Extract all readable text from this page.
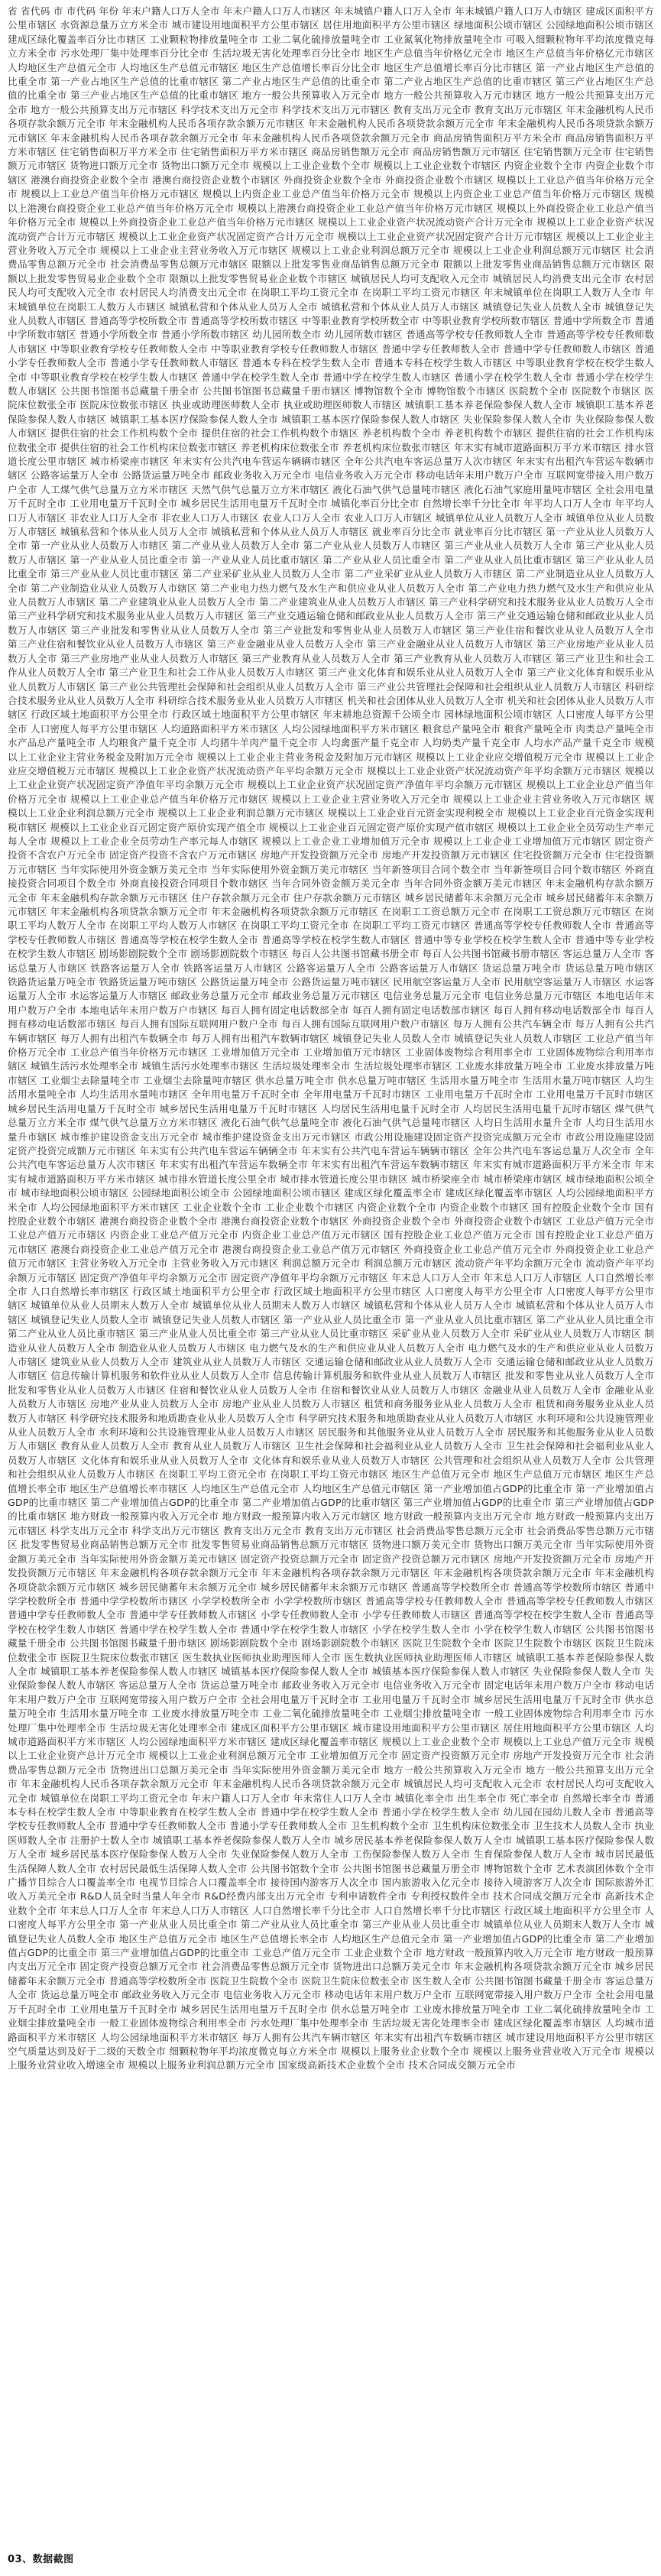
省 省代码 市 市代码 年份 年末户籍人口万人全市 年末户籍人口万人市辖区 年末城镇户籍人口万人全市 年末城镇户籍人口万人市辖区 建成区面积平方公里市辖区 水资源总量万立方米全市 城市建设用地面积平方公里市辖区 居住用地面积平方公里市辖区 绿地面积公顷市辖区 公园绿地面积公顷市辖区 建成区绿化覆盖率百分比市辖区 工业颗粒物排放量吨全市 工业二氧化硫排放量吨全市 工业氮氧化物排放量吨全市 可吸入细颗粒物年平均浓度微克每立方米全市 污水处理厂集中处理率百分比全市 生活垃圾无害化处理率百分比全市 地区生产总值当年价格亿元全市 地区生产总值当年价格亿元市辖区 人均地区生产总值元全市 人均地区生产总值元市辖区 地区生产总值增长率百分比全市 地区生产总值增长率百分比市辖区 第一产业占地区生产总值的比重全市 第一产业占地区生产总值的比重市辖区 第二产业占地区生产总值的比重全市 第二产业占地区生产总值的比重市辖区 第三产业占地区生产总值的比重全市 第三产业占地区生产总值的比重市辖区 地方一般公共预算收入万元全市 地方一般公共预算收入万元市辖区 地方一般公共预算支出万元全市 地方一般公共预算支出万元市辖区 科学技术支出万元全市 科学技术支出万元市辖区 教育支出万元全市 教育支出万元市辖区 年末金融机构人民币各项存款余额万元全市 年末金融机构人民币各项存款余额万元市辖区 年末金融机构人民币各项贷款余额万元全市 年末金融机构人民币各项贷款余额万元市辖区 年末金融机构人民币各项存款余额万元全市 年末金融机构人民币各项贷款余额万元全市 商品房销售面积万平方米全市 商品房销售面积万平方米市辖区 住宅销售面积万平方米全市 住宅销售面积万平方米市辖区 商品房销售额万元全市 商品房销售额万元市辖区 住宅销售额万元全市 住宅销售额万元市辖区 货物进口额万元全市 货物出口额万元全市 规模以上工业企业数个全市 规模以上工业企业数个市辖区 内资企业数个全市 内资企业数个市辖区 港澳台商投资企业数个全市 港澳台商投资企业数个市辖区 外商投资企业数个全市 外商投资企业数个市辖区 规模以上工业总产值当年价格万元全市 规模以上工业总产值当年价格万元市辖区 规模以上内资企业工业总产值当年价格万元全市 规模以上内资企业工业总产值当年价格万元市辖区 规模以上港澳台商投资企业工业总产值当年价格万元全市 规模以上港澳台商投资企业工业总产值当年价格万元市辖区 规模以上外商投资企业工业总产值当年价格万元全市 规模以上外商投资企业工业总产值当年价格万元市辖区 规模以上工业企业资产状况流动资产合计万元全市 规模以上工业企业资产状况流动资产合计万元市辖区 规模以上工业企业资产状况固定资产合计万元全市 规模以上工业企业资产状况固定资产合计万元市辖区 规模以上工业企业主营业务收入万元全市 规模以上工业企业主营业务收入万元市辖区 规模以上工业企业利润总额万元全市 规模以上工业企业利润总额万元市辖区 社会消费品零售总额万元全市 社会消费品零售总额万元市辖区 限额以上批发零售业商品销售总额万元全市 限额以上批发零售业商品销售总额万元市辖区 限额以上批发零售贸易业企业数个全市 限额以上批发零售贸易业企业数个市辖区 城镇居民人均可支配收入元全市 城镇居民人均消费支出元全市 农村居民人均可支配收入元全市 农村居民人均消费支出元全市 在岗职工平均工资元全市 在岗职工平均工资元市辖区 年末城镇单位在岗职工人数万人全市 年末城镇单位在岗职工人数万人市辖区 城镇私营和个体从业人员万人全市 城镇私营和个体从业人员万人市辖区 城镇登记失业人员数人全市 城镇登记失业人员数人市辖区 普通高等学校所数全市 普通高等学校所数市辖区 中等职业教育学校所数全市 中等职业教育学校所数市辖区 普通中学所数全市 普通中学所数市辖区 普通小学所数全市 普通小学所数市辖区 幼儿园所数全市 幼儿园所数市辖区 普通高等学校专任教师数人全市 普通高等学校专任教师数人市辖区 中等职业教育学校专任教师数人全市 中等职业教育学校专任教师数人市辖区 普通中学专任教师数人全市 普通中学专任教师数人市辖区 普通小学专任教师数人全市 普通小学专任教师数人市辖区 普通本专科在校学生数人全市 普通本专科在校学生数人市辖区 中等职业教育学校在校学生数人全市 中等职业教育学校在校学生数人市辖区 普通中学在校学生数人全市 普通中学在校学生数人市辖区 普通小学在校学生数人全市 普通小学在校学生数人市辖区 公共图书馆图书总藏量千册全市 公共图书馆图书总藏量千册市辖区 博物馆数个全市 博物馆数个市辖区 医院数个全市 医院数个市辖区 医院床位数张全市 医院床位数张市辖区 执业或助理医师数人全市 执业或助理医师数人市辖区 城镇职工基本养老保险参保人数人全市 城镇职工基本养老保险参保人数人市辖区 城镇职工基本医疗保险参保人数人全市 城镇职工基本医疗保险参保人数人市辖区 失业保险参保人数人全市 失业保险参保人数人市辖区 提供住宿的社会工作机构数个全市 提供住宿的社会工作机构数个市辖区 养老机构数个全市 养老机构数个市辖区 提供住宿的社会工作机构床位数张全市 提供住宿的社会工作机构床位数张市辖区 养老机构床位数张全市 养老机构床位数张市辖区 年末实有城市道路面积万平方米市辖区 排水管道长度公里市辖区 城市桥梁座市辖区 年末实有公共汽电车营运车辆辆市辖区 全年公共汽电车客运总量万人次市辖区 年末实有出租汽车营运车数辆市辖区 公路客运量万人全市 公路货运量万吨全市 邮政业务收入万元全市 电信业务收入万元全市 移动电话年末用户数万户全市 互联网宽带接入用户数万户全市 人工煤气供气总量万立方米市辖区 天然气供气总量万立方米市辖区 液化石油气供气总量吨市辖区 液化石油气家庭用量吨市辖区 全社会用电量万千瓦时全市 工业用电量万千瓦时全市 城乡居民生活用电量万千瓦时全市 城镇化率百分比全市 自然增长率千分比全市 年平均人口万人全市 年平均人口万人市辖区 非农业人口万人全市 非农业人口万人市辖区 农业人口万人全市 农业人口万人市辖区 城镇单位从业人员数万人全市 城镇单位从业人员数万人市辖区 城镇私营和个体从业人员万人全市 城镇私营和个体从业人员万人市辖区 就业率百分比全市 就业率百分比市辖区 第一产业从业人员数万人全市 第一产业从业人员数万人市辖区 第二产业从业人员数万人全市 第二产业从业人员数万人市辖区 第三产业从业人员数万人全市 第三产业从业人员数万人市辖区 第一产业从业人员比重全市 第一产业从业人员比重市辖区 第二产业从业人员比重全市 第二产业从业人员比重市辖区 第三产业从业人员比重全市 第三产业从业人员比重市辖区 第二产业采矿业从业人员数万人全市 第二产业采矿业从业人员数万人市辖区 第二产业制造业从业人员数万人全市 第二产业制造业从业人员数万人市辖区 第二产业电力热力燃气及水生产和供应业从业人员数万人全市 第二产业电力热力燃气及水生产和供应业从业人员数万人市辖区 第二产业建筑业从业人员数万人全市 第二产业建筑业从业人员数万人市辖区 第三产业科学研究和技术服务业从业人员数万人全市 第三产业科学研究和技术服务业从业人员数万人市辖区 第三产业交通运输仓储和邮政业从业人员数万人全市 第三产业交通运输仓储和邮政业从业人员数万人市辖区 第三产业批发和零售业从业人员数万人全市 第三产业批发和零售业从业人员数万人市辖区 第三产业住宿和餐饮业从业人员数万人全市 第三产业住宿和餐饮业从业人员数万人市辖区 第三产业金融业从业人员数万人全市 第三产业金融业从业人员数万人市辖区 第三产业房地产业从业人员数万人全市 第三产业房地产业从业人员数万人市辖区 第三产业教育从业人员数万人全市 第三产业教育从业人员数万人市辖区 第三产业卫生和社会工作从业人员数万人全市 第三产业卫生和社会工作从业人员数万人市辖区 第三产业文化体育和娱乐业从业人员数万人全市 第三产业文化体育和娱乐业从业人员数万人市辖区 第三产业公共管理社会保障和社会组织从业人员数万人全市 第三产业公共管理社会保障和社会组织从业人员数万人市辖区 科研综合技术服务业从业人员数万人全市 科研综合技术服务业从业人员数万人市辖区 机关和社会团体从业人员数万人全市 机关和社会团体从业人员数万人市辖区 行政区域土地面积平方公里全市 行政区域土地面积平方公里市辖区 年末耕地总资源千公顷全市 园林绿地面积公顷市辖区 人口密度人每平方公里全市 人口密度人每平方公里市辖区 人均道路面积平方米市辖区 人均公园绿地面积平方米市辖区 粮食总产量吨全市 粮食产量吨全市 肉类总产量吨全市 水产品总产量吨全市 人均粮食产量千克全市 人均猪牛羊肉产量千克全市 人均禽蛋产量千克全市 人均奶类产量千克全市 人均水产品产量千克全市 规模以上工业企业主营业务税金及附加万元全市 规模以上工业企业主营业务税金及附加万元市辖区 规模以上工业企业应交增值税万元全市 规模以上工业企业应交增值税万元市辖区 规模以上工业企业资产状况流动资产年平均余额万元全市 规模以上工业企业资产状况流动资产年平均余额万元市辖区 规模以上工业企业资产状况固定资产净值年平均余额万元全市 规模以上工业企业资产状况固定资产净值年平均余额万元市辖区 规模以上工业企业总产值当年价格万元全市 规模以上工业企业总产值当年价格万元市辖区 规模以上工业企业主营业务收入万元全市 规模以上工业企业主营业务收入万元市辖区 规模以上工业企业利润总额万元全市 规模以上工业企业利润总额万元市辖区 规模以上工业企业百元资金实现利税全市 规模以上工业企业百元资金实现利税市辖区 规模以上工业企业百元固定资产原价实现产值全市 规模以上工业企业百元固定资产原价实现产值市辖区 规模以上工业企业全员劳动生产率元每人全市 规模以上工业企业全员劳动生产率元每人市辖区 规模以上工业企业工业增加值万元全市 规模以上工业企业工业增加值万元市辖区 固定资产投资不含农户万元全市 固定资产投资不含农户万元市辖区 房地产开发投资额万元全市 房地产开发投资额万元市辖区 住宅投资额万元全市 住宅投资额万元市辖区 当年实际使用外资金额万美元全市 当年实际使用外资金额万美元市辖区 当年新签项目合同个数全市 当年新签项目合同个数市辖区 外商直接投资合同项目个数全市 外商直接投资合同项目个数市辖区 当年合同外资金额万美元全市 当年合同外资金额万美元市辖区 年末金融机构存款余额万元全市 年末金融机构存款余额万元市辖区 住户存款余额万元全市 住户存款余额万元市辖区 城乡居民储蓄年末余额万元全市 城乡居民储蓄年末余额万元市辖区 年末金融机构各项贷款余额万元全市 年末金融机构各项贷款余额万元市辖区 在岗职工工资总额万元全市 在岗职工工资总额万元市辖区 在岗职工平均人数万人全市 在岗职工平均人数万人市辖区 在岗职工平均工资元全市 在岗职工平均工资元市辖区 普通高等学校专任教师数人全市 普通高等学校专任教师数人市辖区 普通高等学校在校学生数人全市 普通高等学校在校学生数人市辖区 普通中等专业学校在校学生数人全市 普通中等专业学校在校学生数人市辖区 剧场影剧院数个全市 剧场影剧院数个市辖区 每百人公共图书馆藏书册全市 每百人公共图书馆藏书册市辖区 客运总量万人全市 客运总量万人市辖区 铁路客运量万人全市 铁路客运量万人市辖区 公路客运量万人全市 公路客运量万人市辖区 货运总量万吨全市 货运总量万吨市辖区 铁路货运量万吨全市 铁路货运量万吨市辖区 公路货运量万吨全市 公路货运量万吨市辖区 民用航空客运量万人全市 民用航空客运量万人市辖区 水运客运量万人全市 水运客运量万人市辖区 邮政业务总量万元全市 邮政业务总量万元市辖区 电信业务总量万元全市 电信业务总量万元市辖区 本地电话年末用户数万户全市 本地电话年末用户数万户市辖区 每百人拥有固定电话数部全市 每百人拥有固定电话数部市辖区 每百人拥有移动电话数部全市 每百人拥有移动电话数部市辖区 每百人拥有国际互联网用户数户全市 每百人拥有国际互联网用户数户市辖区 每万人拥有公共汽车辆全市 每万人拥有公共汽车辆市辖区 每万人拥有出租汽车数辆全市 每万人拥有出租汽车数辆市辖区 城镇登记失业人员数人全市 城镇登记失业人员数人市辖区 工业总产值当年价格万元全市 工业总产值当年价格万元市辖区 工业增加值万元全市 工业增加值万元市辖区 工业固体废物综合利用率全市 工业固体废物综合利用率市辖区 城镇生活污水处理率全市 城镇生活污水处理率市辖区 生活垃圾处理率全市 生活垃圾处理率市辖区 工业废水排放量万吨全市 工业废水排放量万吨市辖区 工业烟尘去除量吨全市 工业烟尘去除量吨市辖区 供水总量万吨全市 供水总量万吨市辖区 生活用水量万吨全市 生活用水量万吨市辖区 人均生活用水量吨全市 人均生活用水量吨市辖区 全年用电量万千瓦时全市 全年用电量万千瓦时市辖区 工业用电量万千瓦时全市 工业用电量万千瓦时市辖区 城乡居民生活用电量万千瓦时全市 城乡居民生活用电量万千瓦时市辖区 人均居民生活用电量千瓦时全市 人均居民生活用电量千瓦时市辖区 煤气供气总量万立方米全市 煤气供气总量万立方米市辖区 液化石油气供气总量吨全市 液化石油气供气总量吨市辖区 人均日生活用水量升全市 人均日生活用水量升市辖区 城市维护建设资金支出万元全市 城市维护建设资金支出万元市辖区 市政公用设施建设固定资产投资完成额万元全市 市政公用设施建设固定资产投资完成额万元市辖区 年末实有公共汽电车营运车辆辆全市 年末实有公共汽电车营运车辆辆市辖区 全年公共汽电车客运总量万人次全市 全年公共汽电车客运总量万人次市辖区 年末实有出租汽车营运车数辆全市 年末实有出租汽车营运车数辆市辖区 年末实有城市道路面积万平方米全市 年末实有城市道路面积万平方米市辖区 城市排水管道长度公里全市 城市排水管道长度公里市辖区 城市桥梁座全市 城市桥梁座市辖区 城市绿地面积公顷全市 城市绿地面积公顷市辖区 公园绿地面积公顷全市 公园绿地面积公顷市辖区 建成区绿化覆盖率全市 建成区绿化覆盖率市辖区 人均公园绿地面积平方米全市 人均公园绿地面积平方米市辖区 工业企业数个全市 工业企业数个市辖区 内资企业数个全市 内资企业数个市辖区 国有控股企业数个全市 国有控股企业数个市辖区 港澳台商投资企业数个全市 港澳台商投资企业数个市辖区 外商投资企业数个全市 外商投资企业数个市辖区 工业总产值万元全市 工业总产值万元市辖区 内资企业工业总产值万元全市 内资企业工业总产值万元市辖区 国有控股企业工业总产值万元全市 国有控股企业工业总产值万元市辖区 港澳台商投资企业工业总产值万元全市 港澳台商投资企业工业总产值万元市辖区 外商投资企业工业总产值万元全市 外商投资企业工业总产值万元市辖区 主营业务收入万元全市 主营业务收入万元市辖区 利润总额万元全市 利润总额万元市辖区 流动资产年平均余额万元全市 流动资产年平均余额万元市辖区 固定资产净值年平均余额万元全市 固定资产净值年平均余额万元市辖区 年末总人口万人全市 年末总人口万人市辖区 人口自然增长率全市 人口自然增长率市辖区 行政区域土地面积平方公里全市 行政区域土地面积平方公里市辖区 人口密度人每平方公里全市 人口密度人每平方公里市辖区 城镇单位从业人员期末人数万人全市 城镇单位从业人员期末人数万人市辖区 城镇私营和个体从业人员万人全市 城镇私营和个体从业人员万人市辖区 城镇登记失业人员数人全市 城镇登记失业人员数人市辖区 第一产业从业人员比重全市 第一产业从业人员比重市辖区 第二产业从业人员比重全市 第二产业从业人员比重市辖区 第三产业从业人员比重全市 第三产业从业人员比重市辖区 采矿业从业人员数万人全市 采矿业从业人员数万人市辖区 制造业从业人员数万人全市 制造业从业人员数万人市辖区 电力燃气及水的生产和供应业从业人员数万人全市 电力燃气及水的生产和供应业从业人员数万人市辖区 建筑业从业人员数万人全市 建筑业从业人员数万人市辖区 交通运输仓储和邮政业从业人员数万人全市 交通运输仓储和邮政业从业人员数万人市辖区 信息传输计算机服务和软件业从业人员数万人全市 信息传输计算机服务和软件业从业人员数万人市辖区 批发和零售业从业人员数万人全市 批发和零售业从业人员数万人市辖区 住宿和餐饮业从业人员数万人全市 住宿和餐饮业从业人员数万人市辖区 金融业从业人员数万人全市 金融业从业人员数万人市辖区 房地产业从业人员数万人全市 房地产业从业人员数万人市辖区 租赁和商务服务业从业人员数万人全市 租赁和商务服务业从业人员数万人市辖区 科学研究技术服务和地质勘查业从业人员数万人全市 科学研究技术服务和地质勘查业从业人员数万人市辖区 水利环境和公共设施管理业从业人员数万人全市 水利环境和公共设施管理业从业人员数万人市辖区 居民服务和其他服务业从业人员数万人全市 居民服务和其他服务业从业人员数万人市辖区 教育从业人员数万人全市 教育从业人员数万人市辖区 卫生社会保障和社会福利业从业人员数万人全市 卫生社会保障和社会福利业从业人员数万人市辖区 文化体育和娱乐业从业人员数万人全市 文化体育和娱乐业从业人员数万人市辖区 公共管理和社会组织从业人员数万人全市 公共管理和社会组织从业人员数万人市辖区 在岗职工平均工资元全市 在岗职工平均工资元市辖区 地区生产总值万元全市 地区生产总值万元市辖区 地区生产总值增长率全市 地区生产总值增长率市辖区 人均地区生产总值元全市 人均地区生产总值元市辖区 第一产业增加值占GDP的比重全市 第一产业增加值占GDP的比重市辖区 第二产业增加值占GDP的比重全市 第二产业增加值占GDP的比重市辖区 第三产业增加值占GDP的比重全市 第三产业增加值占GDP的比重市辖区 地方财政一般预算内收入万元全市 地方财政一般预算内收入万元市辖区 地方财政一般预算内支出万元全市 地方财政一般预算内支出万元市辖区 科学支出万元全市 科学支出万元市辖区 教育支出万元全市 教育支出万元市辖区 社会消费品零售总额万元全市 社会消费品零售总额万元市辖区 批发零售贸易业商品销售总额万元全市 批发零售贸易业商品销售总额万元市辖区 货物进口额万美元全市 货物出口额万美元全市 当年实际使用外资金额万美元全市 当年实际使用外资金额万美元市辖区 固定资产投资总额万元全市 固定资产投资总额万元市辖区 房地产开发投资额万元全市 房地产开发投资额万元市辖区 年末金融机构各项存款余额万元全市 年末金融机构各项存款余额万元市辖区 年末金融机构各项贷款余额万元全市 年末金融机构各项贷款余额万元市辖区 城乡居民储蓄年末余额万元全市 城乡居民储蓄年末余额万元市辖区 普通高等学校数所全市 普通高等学校数所市辖区 普通中学学校数所全市 普通中学学校数所市辖区 小学学校数所全市 小学学校数所市辖区 普通高等学校专任教师数人全市 普通高等学校专任教师数人市辖区 普通中学专任教师数人全市 普通中学专任教师数人市辖区 小学专任教师数人全市 小学专任教师数人市辖区 普通高等学校在校学生数人全市 普通高等学校在校学生数人市辖区 普通中学在校学生数人全市 普通中学在校学生数人市辖区 小学在校学生数人全市 小学在校学生数人市辖区 公共图书馆图书藏量千册全市 公共图书馆图书藏量千册市辖区 剧场影剧院数个全市 剧场影剧院数个市辖区 医院卫生院数个全市 医院卫生院数个市辖区 医院卫生院床位数张全市 医院卫生院床位数张市辖区 医生数执业医师执业助理医师人全市 医生数执业医师执业助理医师人市辖区 城镇职工基本养老保险参保人数人全市 城镇职工基本养老保险参保人数人市辖区 城镇基本医疗保险参保人数人全市 城镇基本医疗保险参保人数人市辖区 失业保险参保人数人全市 失业保险参保人数人市辖区 客运总量万人全市 货运总量万吨全市 邮政业务收入万元全市 电信业务收入万元全市 固定电话年末用户数万户全市 移动电话年末用户数万户全市 互联网宽带接入用户数万户全市 全社会用电量万千瓦时全市 工业用电量万千瓦时全市 城乡居民生活用电量万千瓦时全市 供水总量万吨全市 生活用水量万吨全市 工业废水排放量万吨全市 工业二氧化硫排放量吨全市 工业烟尘排放量吨全市 一般工业固体废物综合利用率全市 污水处理厂集中处理率全市 生活垃圾无害化处理率全市 建成区面积平方公里市辖区 城市建设用地面积平方公里市辖区 居住用地面积平方公里市辖区 人均城市道路面积平方米市辖区 人均公园绿地面积平方米市辖区 建成区绿化覆盖率市辖区 规模以上工业企业数个全市 规模以上工业总产值万元全市 规模以上工业企业资产总计万元全市 规模以上工业企业利润总额万元全市 工业增加值万元全市 固定资产投资额万元全市 房地产开发投资万元全市 社会消费品零售总额万元全市 货物进出口总额万美元全市 当年实际使用外资金额万美元全市 地方一般公共预算收入万元全市 地方一般公共预算支出万元全市 年末金融机构人民币各项存款余额万元全市 年末金融机构人民币各项贷款余额万元全市 城镇居民人均可支配收入元全市 农村居民人均可支配收入元全市 城镇单位在岗职工平均工资元全市 年末户籍人口万人全市 年末常住人口万人全市 城镇化率全市 出生率全市 死亡率全市 自然增长率全市 普通本专科在校学生数人全市 中等职业教育在校学生数人全市 普通中学在校学生数人全市 普通小学在校学生数人全市 幼儿园在园幼儿数人全市 普通高等学校专任教师数人全市 普通中学专任教师数人全市 普通小学专任教师数人全市 卫生机构数个全市 卫生机构床位数张全市 卫生技术人员数人全市 执业医师数人全市 注册护士数人全市 城镇职工基本养老保险参保人数万人全市 城乡居民基本养老保险参保人数万人全市 城镇职工基本医疗保险参保人数万人全市 城乡居民基本医疗保险参保人数万人全市 失业保险参保人数万人全市 工伤保险参保人数万人全市 生育保险参保人数万人全市 城市居民最低生活保障人数人全市 农村居民最低生活保障人数人全市 公共图书馆数个全市 公共图书馆图书总藏量万册全市 博物馆数个全市 艺术表演团体数个全市 广播节目综合人口覆盖率全市 电视节目综合人口覆盖率全市 接待国内游客万人次全市 国内旅游收入亿元全市 接待入境游客万人次全市 国际旅游外汇收入万美元全市 R&D人员全时当量人年全市 R&D经费内部支出万元全市 专利申请数件全市 专利授权数件全市 技术合同成交额万元全市 高新技术企业数个全市 年末总人口万人全市 年末总人口万人市辖区 人口自然增长率千分比全市 人口自然增长率千分比市辖区 行政区域土地面积平方公里全市 人口密度人每平方公里全市 第一产业从业人员比重全市 第二产业从业人员比重全市 第三产业从业人员比重全市 城镇单位从业人员期末人数万人全市 城镇登记失业人员数人全市 地区生产总值万元全市 地区生产总值增长率全市 人均地区生产总值元全市 第一产业增加值占GDP的比重全市 第二产业增加值占GDP的比重全市 第三产业增加值占GDP的比重全市 工业总产值万元全市 工业企业数个全市 地方财政一般预算内收入万元全市 地方财政一般预算内支出万元全市 固定资产投资总额万元全市 社会消费品零售总额万元全市 货物进出口总额万美元全市 年末金融机构各项贷款余额万元全市 城乡居民储蓄年末余额万元全市 普通高等学校数所全市 医院卫生院数个全市 医院卫生院床位数张全市 医生数人全市 公共图书馆图书藏量千册全市 客运总量万人全市 货运总量万吨全市 邮政业务收入万元全市 电信业务收入万元全市 移动电话年末用户数万户全市 互联网宽带接入用户数万户全市 全社会用电量万千瓦时全市 工业用电量万千瓦时全市 城乡居民生活用电量万千瓦时全市 供水总量万吨全市 工业废水排放量万吨全市 工业二氧化硫排放量吨全市 工业烟尘排放量吨全市 一般工业固体废物综合利用率全市 污水处理厂集中处理率全市 生活垃圾无害化处理率全市 建成区绿化覆盖率市辖区 人均城市道路面积平方米市辖区 人均公园绿地面积平方米市辖区 每万人拥有公共汽车辆市辖区 年末实有出租汽车数辆市辖区 城市建设用地面积平方公里市辖区 空气质量达到及好于二级的天数全市 细颗粒物年平均浓度微克每立方米全市 规模以上服务业企业数个全市 规模以上服务业营业收入万元全市 规模以上服务业营业收入增速全市 规模以上服务业利润总额万元全市 国家级高新技术企业数个全市 技术合同成交额万元全市
03、数据截图
